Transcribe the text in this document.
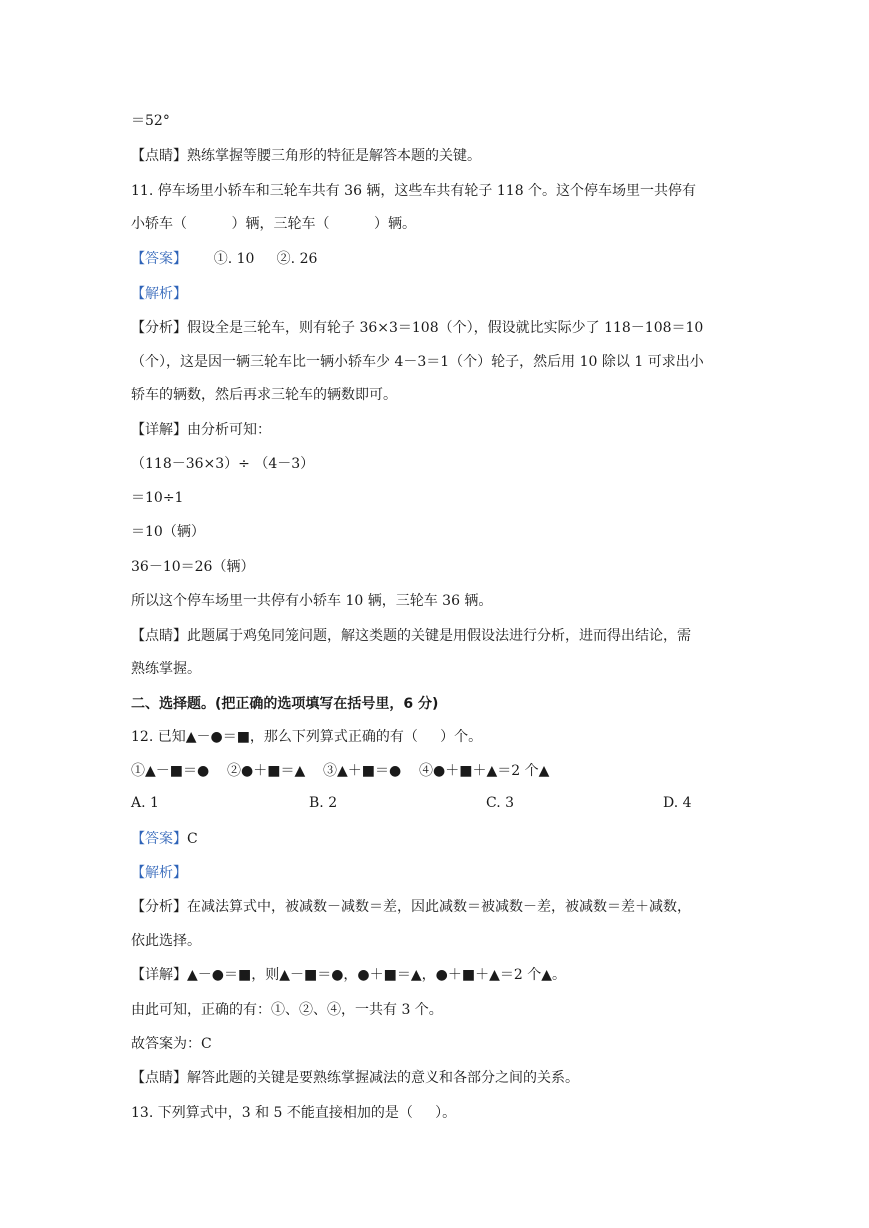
＝52°
【点睛】熟练掌握等腰三角形的特征是解答本题的关键。
11. 停车场里小轿车和三轮车共有 36 辆，这些车共有轮子 118 个。这个停车场里一共停有
小轿车（          ）辆，三轮车（          ）辆。
【答案】 ①. 10     ②. 26
【解析】
【分析】假设全是三轮车，则有轮子 36×3＝108（个），假设就比实际少了 118－108＝10
（个），这是因一辆三轮车比一辆小轿车少 4－3＝1（个）轮子，然后用 10 除以 1 可求出小
轿车的辆数，然后再求三轮车的辆数即可。
【详解】由分析可知：
（118－36×3）÷ （4－3）
＝10÷1
＝10（辆）
36－10＝26（辆）
所以这个停车场里一共停有小轿车 10 辆，三轮车 36 辆。
【点睛】此题属于鸡兔同笼问题，解这类题的关键是用假设法进行分析，进而得出结论，需
熟练掌握。
二、选择题。(把正确的选项填写在括号里，6 分)
12. 已知▲－●＝■，那么下列算式正确的有（     ）个。
①▲－■＝●    ②●＋■＝▲    ③▲＋■＝●    ④●＋■＋▲＝2 个▲
A. 1	B. 2	C. 3	D. 4
【答案】C
【解析】
【分析】在减法算式中，被减数－减数＝差，因此减数＝被减数－差，被减数＝差＋减数，
依此选择。
【详解】▲－●＝■，则▲－■＝●，●＋■＝▲，●＋■＋▲＝2 个▲。
由此可知，正确的有：①、②、④，一共有 3 个。
故答案为：C
【点睛】解答此题的关键是要熟练掌握减法的意义和各部分之间的关系。
13. 下列算式中，3 和 5 不能直接相加的是（     ）。
